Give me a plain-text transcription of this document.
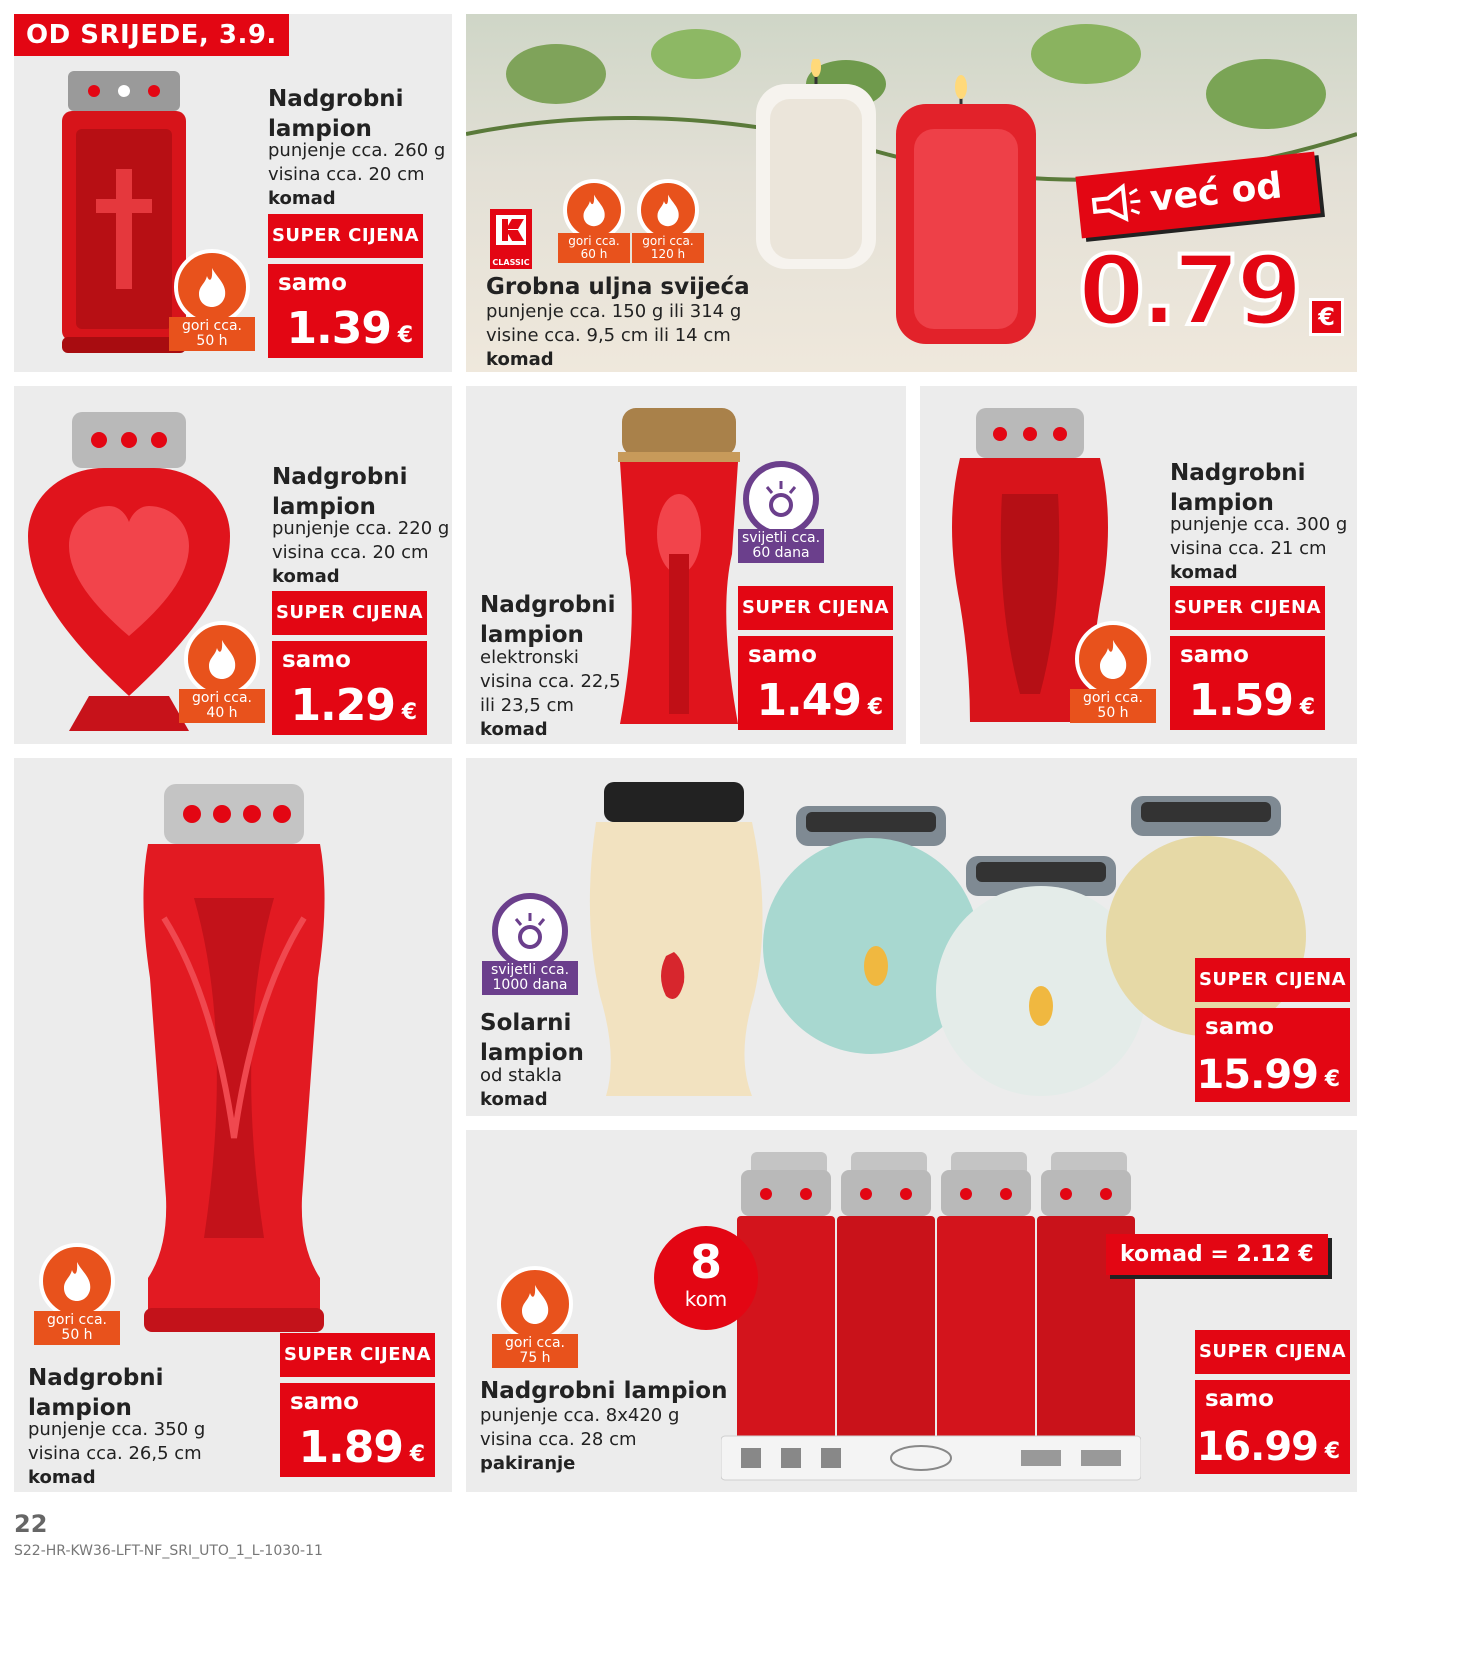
gori cca.
50 h
Nadgrobni
lampion
punjenje cca. 260 g
visina cca. 20 cm
komad
SUPER CIJENA
samo
1.39 €
OD SRIJEDE, 3.9.
CLASSIC
gori cca.
60 h
gori cca.
120 h
Grobna uljna svijeća
punjenje cca. 150 g ili 314 g
visine cca. 9,5 cm ili 14 cm
komad
već od
0.79 €
gori cca.
40 h
Nadgrobni
lampion
punjenje cca. 220 g
visina cca. 20 cm
komad
SUPER CIJENA
samo
1.29 €
svijetli cca.
60 dana
Nadgrobni
lampion
elektronski
visina cca. 22,5
ili 23,5 cm
komad
SUPER CIJENA
samo
1.49 €	gori cca.
50 h
Nadgrobni
lampion
punjenje cca. 300 g
visina cca. 21 cm
komad
SUPER CIJENA
samo
1.59 €
gori cca.
50 h
Nadgrobni
lampion
punjenje cca. 350 g
visina cca. 26,5 cm
komad
SUPER CIJENA
samo
1.89 €
svijetli cca.
1000 dana
Solarni
lampion
od stakla
komad
SUPER CIJENA
samo
15.99 €
8
kom
komad = 2.12 €
gori cca.
75 h
Nadgrobni lampion
punjenje cca. 8x420 g
visina cca. 28 cm
pakiranje
SUPER CIJENA
samo
16.99 €
22
S22-HR-KW36-LFT-NF_SRI_UTO_1_L-1030-11
